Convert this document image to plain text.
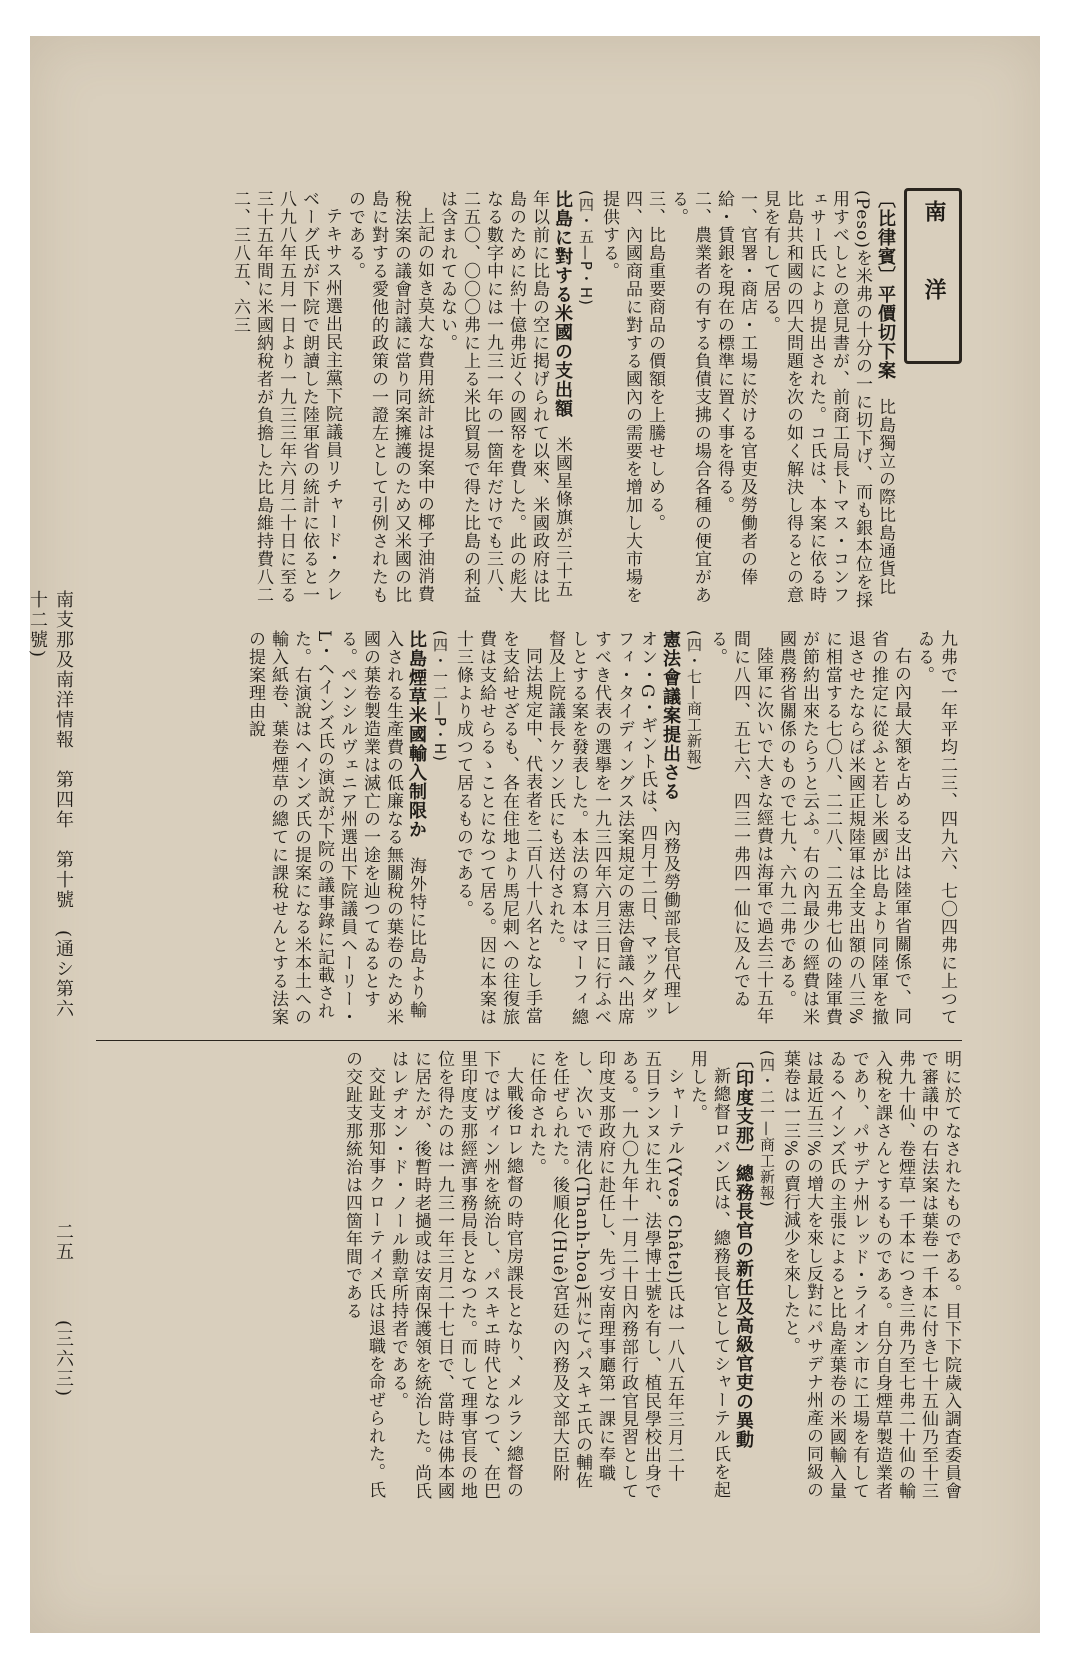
南洋
〔比律賓〕平價切下案　比島獨立の際比島通貨比(Peso)を米弗の十分の一に切下げ、而も銀本位を採用すべしとの意見書が、前商工局長トマス・コンフェサー氏により提出された。コ氏は、本案に依る時比島共和國の四大問題を次の如く解決し得るとの意見を有して居る。

一、官署・商店・工場に於ける官吏及勞働者の俸給・賃銀を現在の標準に置く事を得る。

二、農業者の有する負債支拂の場合各種の便宜がある。

三、比島重要商品の價額を上騰せしめる。

四、內國商品に對する國內の需要を增加し大市場を提供する。

(四・五—P・H)

比島に對する米國の支出額　米國星條旗が三十五年以前に比島の空に掲げられて以來、米國政府は比島のために約十億弗近くの國帑を費した。此の彪大なる數字中には一九三一年の一箇年だけでも三八、二五〇、〇〇〇弗に上る米比貿易で得た比島の利益は含まれてゐない。

上記の如き莫大な費用統計は提案中の椰子油消費稅法案の議會討議に當り同案擁護のため又米國の比島に對する愛他的政策の一證左として引例されたものである。

テキサス州選出民主黨下院議員リチャード・クレベーグ氏が下院で朗讀した陸軍省の統計に依ると一八九八年五月一日より一九三三年六月二十日に至る三十五年間に米國納稅者が負擔した比島維持費八二二、三八五、六三

九弗で一年平均二三、四九六、七〇四弗に上つてゐる。

右の內最大額を占める支出は陸軍省關係で、同省の推定に從ふと若し米國が比島より同陸軍を撤退させたならば米國正規陸軍は全支出額の八三%に相當する七〇八、二二八、二五弗七仙の陸軍費が節約出來たらうと云ふ。右の內最少の經費は米國農務省關係のもので七九、六九二弗である。

陸軍に次いで大きな經費は海軍で過去三十五年間に八四、五七六、四三一弗四一仙に及んでゐる。

(四・七—商工新報)

憲法會議案提出さる　內務及勞働部長官代理レオン・G・ギント氏は、四月十二日、マックダッフィ・タイディングス法案規定の憲法會議へ出席すべき代表の選擧を一九三四年六月三日に行ふべしとする案を發表した。本法の寫本はマーフィ總督及上院議長ケソン氏にも送付された。

同法規定中、代表者を二百八十八名となし手當を支給せざるも、各在住地より馬尼剌への往復旅費は支給せらるゝことになつて居る。因に本案は十三條より成つて居るものである。

(四・一二—P・H)

比島煙草米國輸入制限か　海外特に比島より輸入される生產費の低廉なる無關稅の葉卷のため米國の葉卷製造業は滅亡の一途を辿つてゐるとする。ペンシルヴェニア州選出下院議員ヘーリー・L・ヘインズ氏の演說が下院の議事錄に記載された。右演說はヘインズ氏の提案になる米本土への輸入紙卷、葉卷煙草の總てに課稅せんとする法案の提案理由說

明に於てなされたものである。目下下院歲入調査委員會で審議中の右法案は葉卷一千本に付き七十五仙乃至十三弗九十仙、卷煙草一千本につき三弗乃至七弗二十仙の輸入稅を課さんとするものである。自分自身煙草製造業者であり、パサデナ州レッド・ライオン市に工場を有してゐるヘインズ氏の主張によると比島產葉卷の米國輸入量は最近五三%の增大を來し反對にパサデナ州產の同級の葉卷は一三%の賣行減少を來したと。

(四・二一—商工新報)

〔印度支那〕總務長官の新任及高級官吏の異動

新總督ロバン氏は、總務長官としてシャーテル氏を起用した。

シャーテル(Yves Châtel)氏は一八八五年三月二十五日ランヌに生れ、法學博士號を有し、植民學校出身である。一九〇九年十一月二十日內務部行政官見習として印度支那政府に赴任し、先づ安南理事廳第一課に奉職し、次いで淸化(Thanh-hoa)州にてパスキエ氏の輔佐を任ぜられた。後順化(Huê)宮廷の內務及文部大臣附に任命された。

大戰後ロレ總督の時官房課長となり、メルラン總督の下ではヴィン州を統治し、パスキエ時代となつて、在巴里印度支那經濟事務局長となつた。而して理事官長の地位を得たのは一九三一年三月二十七日で、當時は佛本國に居たが、後暫時老撾或は安南保護領を統治した。尚氏はレヂオン・ド・ノール勳章所持者である。

交趾支那知事クローテイメ氏は退職を命ぜられた。氏の交趾支那統治は四箇年間である

南支那及南洋情報　第四年　第十號　(通シ第六十二號)
二五
(三六三)
